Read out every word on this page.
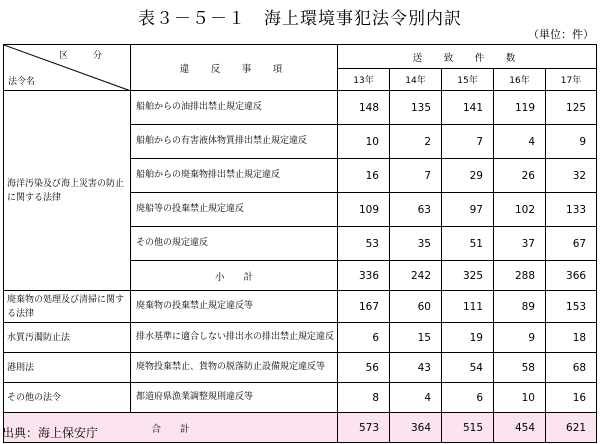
表３－５－１　海上環境事犯法令別内訳
（単位：件）
区　分
法令名	違　反　事　項	送　致　件　数				
		13年	14年	15年	16年	17年
海洋汚染及び海上災害の防止に関する法律	船舶からの油排出禁止規定違反	148	135	141	119	125
	船舶からの有害液体物質排出禁止規定違反	10	2	7	4	9
	船舶からの廃棄物排出禁止規定違反	16	7	29	26	32
	廃船等の投棄禁止規定違反	109	63	97	102	133
	その他の規定違反	53	35	51	37	67
	小　　計	336	242	325	288	366
廃棄物の処理及び清掃に関する法律	廃棄物の投棄禁止規定違反等	167	60	111	89	153
水質汚濁防止法	排水基準に適合しない排出水の排出禁止規定違反	6	15	19	9	18
港則法	廃物投棄禁止、貨物の脱落防止設備規定違反等	56	43	54	58	68
その他の法令	都道府県漁業調整規則違反等	8	4	6	10	16
合　　計		573	364	515	454	621
出典：海上保安庁
